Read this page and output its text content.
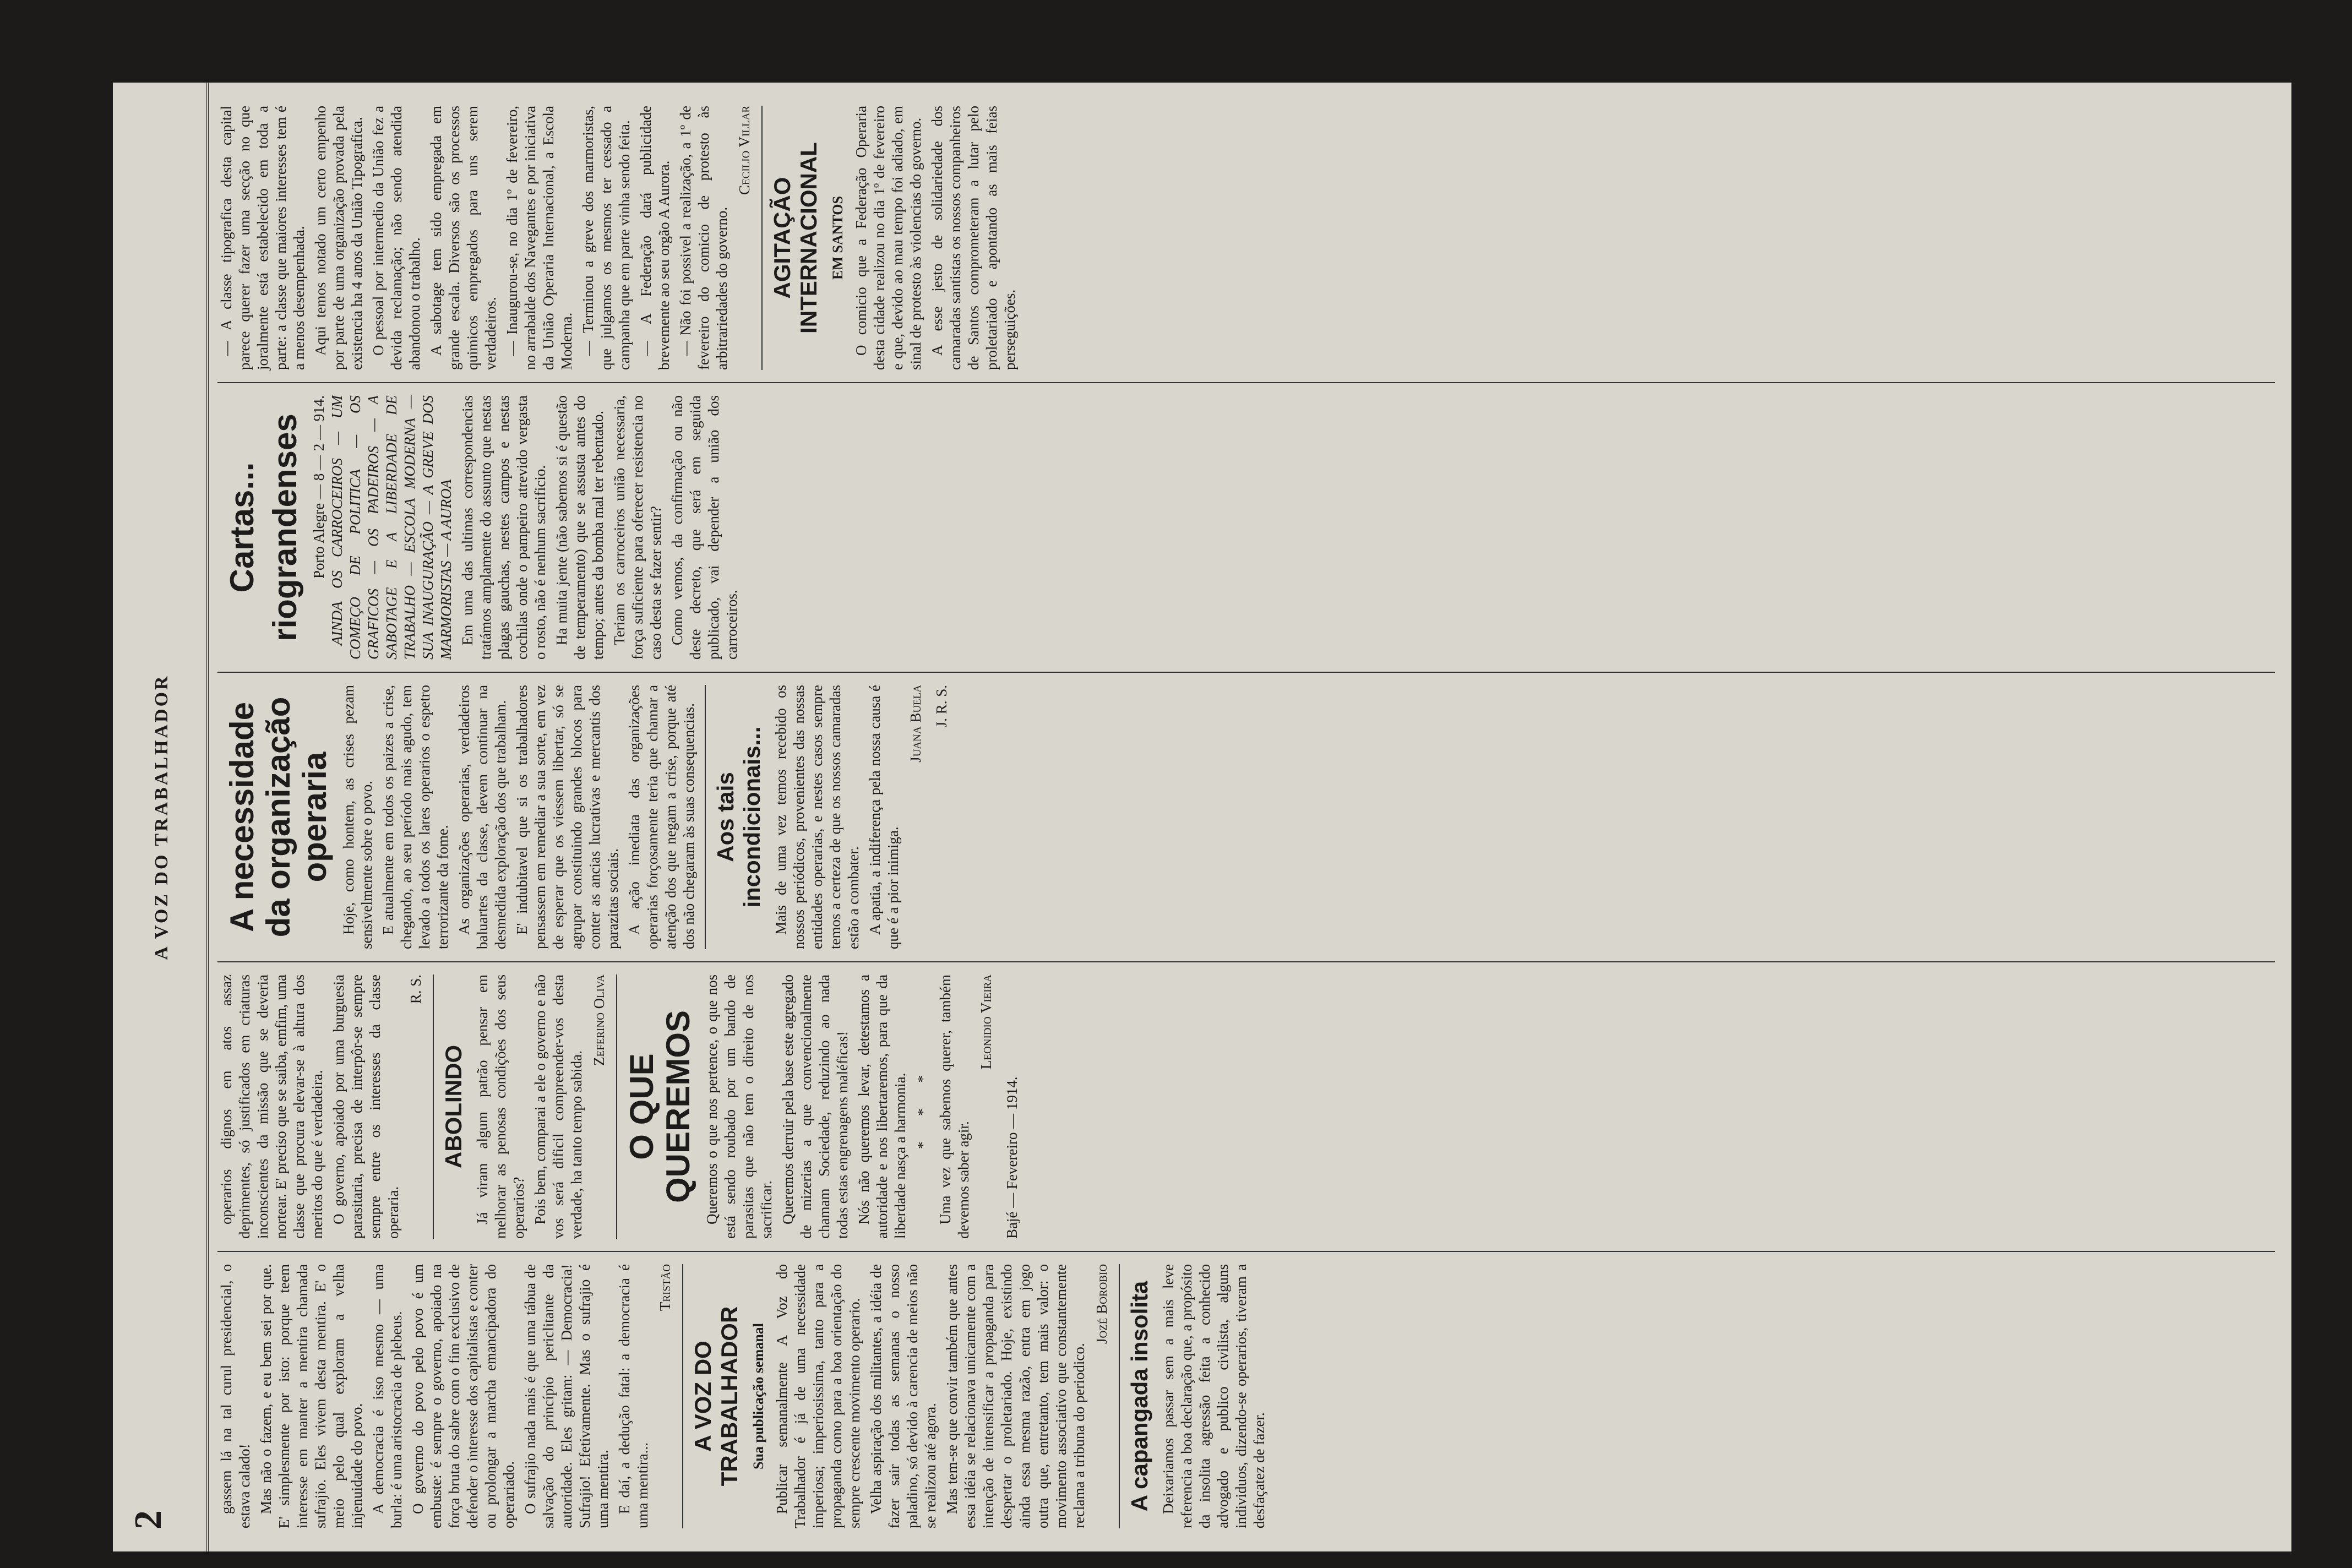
2
A VOZ DO TRABALHADOR

gassem lá na tal curul presidencial, o estava calado! Mas não o fazem, e eu bem sei por que. E' simplesmente por isto: porque teem interesse em manter a mentira chamada sufrajio. Eles vivem desta mentira. E' o meio pelo qual exploram a velha injenuidade do povo. A democracia é isso mesmo — uma burla: é uma aristocracia de plebeus. O governo do povo pelo povo é um embuste: é sempre o governo, apoiado na força bruta do sabre com o fim exclusivo de defender o interesse dos capitalistas e conter ou prolongar a marcha emancipadora do operariado. O sufrajio nada mais é que uma tábua de salvação do princípio periclitante da autoridade. Eles gritam: — Democracia! Sufrajio! Efetivamente. Mas o sufrajio é uma mentira. E daí, a dedução fatal: a democracia é uma mentira...

Tristão
A VOZ DO TRABALHADOR Sua publicação semanal Publicar semanalmente A Voz do Trabalhador é já de uma necessidade imperiosa; imperiosissima, tanto para a propaganda como para a boa orientação do sempre crescente movimento operario. Velha aspiração dos militantes, a idéia de fazer sair todas as semanas o nosso paladino, só devido à carencia de meios não se realizou até agora. Mas tem-se que convir também que antes essa idéia se relacionava unicamente com a intenção de intensificar a propaganda para despertar o proletariado. Hoje, existindo ainda essa mesma razão, entra em jogo outra que, entretanto, tem mais valor: o movimento associativo que constantemente reclama a tribuna do periodico.

Jozé Borobio A capangada insolita Deixariamos passar sem a mais leve referencia a boa declaração que, a propósito da insolita agressão feita a conhecido advogado e publico civilista, alguns individuos, dizendo-se operarios, tiveram a desfaçatez de fazer.

operarios dignos em atos assaz deprimentes, só justificados em criaturas inconscientes da missão que se deveria nortear. E' preciso que se saiba, emfim, uma classe que procura elevar-se à altura dos meritos do que é verdadeira. O governo, apoiado por uma burguesia parasitaria, precisa de interpôr-se sempre sempre entre os interesses da classe operaria.

R. S.
ABOLINDO Já viram algum patrão pensar em melhorar as penosas condições dos seus operarios? Pois bem, comparai a ele o governo e não vos será dificil compreender-vos desta verdade, ha tanto tempo sabida.

Zeferino Oliva
O QUE QUEREMOS Queremos o que nos pertence, o que nos está sendo roubado por um bando de parasitas que não tem o direito de nos sacrificar. Queremos derruir pela base este agregado de mizerias a que convencionalmente chamam Sociedade, reduzindo ao nada todas estas engrenagens maléficas! Nós não queremos levar, detestamos a autoridade e nos libertaremos, para que da liberdade nasça a harmonia. * * * Uma vez que sabemos querer, também devemos saber agir.

Leonidio Vieira
Bajé — Fevereiro — 1914.
A necessidade da organização operaria Hoje, como hontem, as crises pezam sensivelmente sobre o povo. E atualmente em todos os paizes a crise, chegando, ao seu período mais agudo, tem levado a todos os lares operarios o espetro terrorizante da fome. As organizações operarias, verdadeiros baluartes da classe, devem continuar na desmedida exploração dos que trabalham. E' indubitavel que si os trabalhadores pensassem em remediar a sua sorte, em vez de esperar que os viessem libertar, só se agrupar constituindo grandes blocos para conter as ancias lucrativas e mercantis dos parazitas sociais. A ação imediata das organizações operarias forçosamente teria que chamar a atenção dos que negam a crise, porque até dos não chegaram às suas consequencias. Aos tais incondicionais... Mais de uma vez temos recebido os nossos periódicos, provenientes das nossas entidades operarias, e nestes casos sempre temos a certeza de que os nossos camaradas estão a combater. A apatia, a indiferença pela nossa causa é que é a pior inimiga.

Juana Buela J. R. S.
Cartas... riograndenses Porto Alegre — 8 — 2 — 914. AINDA OS CARROCEIROS — UM COMEÇO DE POLITICA — OS GRAFICOS — OS PADEIROS — A SABOTAGE E A LIBERDADE DE TRABALHO — ESCOLA MODERNA — SUA INAUGURAÇÃO — A GREVE DOS MARMORISTAS — A AUROA Em uma das ultimas correspondencias tratámos amplamente do assunto que nestas plagas gauchas, nestes campos e nestas cochilas onde o pampeiro atrevido vergasta o rosto, não é nenhum sacrificio. Ha muita jente (não sabemos si é questão de temperamento) que se assusta antes do tempo; antes da bomba mal ter rebentado. Teriam os carroceiros união necessaria, força suficiente para oferecer resistencia no caso desta se fazer sentir? Como vemos, da confirmação ou não deste decreto, que será em seguida publicado, vai depender a união dos carroceiros.

— A classe tipografica desta capital parece querer fazer uma secção no que joralmente está estabelecido em toda a parte: a classe que maiores interesses tem é a menos desempenhada. Aqui temos notado um certo empenho por parte de uma organização provada pela existencia ha 4 anos da União Tipografica. O pessoal por intermedio da União fez a devida reclamação; não sendo atendida abandonou o trabalho. A sabotage tem sido empregada em grande escala. Diversos são os processos quimicos empregados para uns serem verdadeiros. — Inaugurou-se, no dia 1º de fevereiro, no arrabalde dos Navegantes e por iniciativa da União Operaria Internacional, a Escola Moderna. — Terminou a greve dos marmoristas, que julgamos os mesmos ter cessado a campanha que em parte vinha sendo feita. — A Federação dará publicidade brevemente ao seu orgão A Aurora. — Não foi possivel a realização, a 1º de fevereiro do comicio de protesto às arbitrariedades do governo.

Cecilio Villar
AGITAÇÃO INTERNACIONAL EM SANTOS O comicio que a Federação Operaria desta cidade realizou no dia 1º de fevereiro e que, devido ao mau tempo foi adiado, em sinal de protesto às violencias do governo. A esse jesto de solidariedade dos camaradas santistas os nossos companheiros de Santos comprometeram a lutar pelo proletariado e apontando as mais feias perseguições.
